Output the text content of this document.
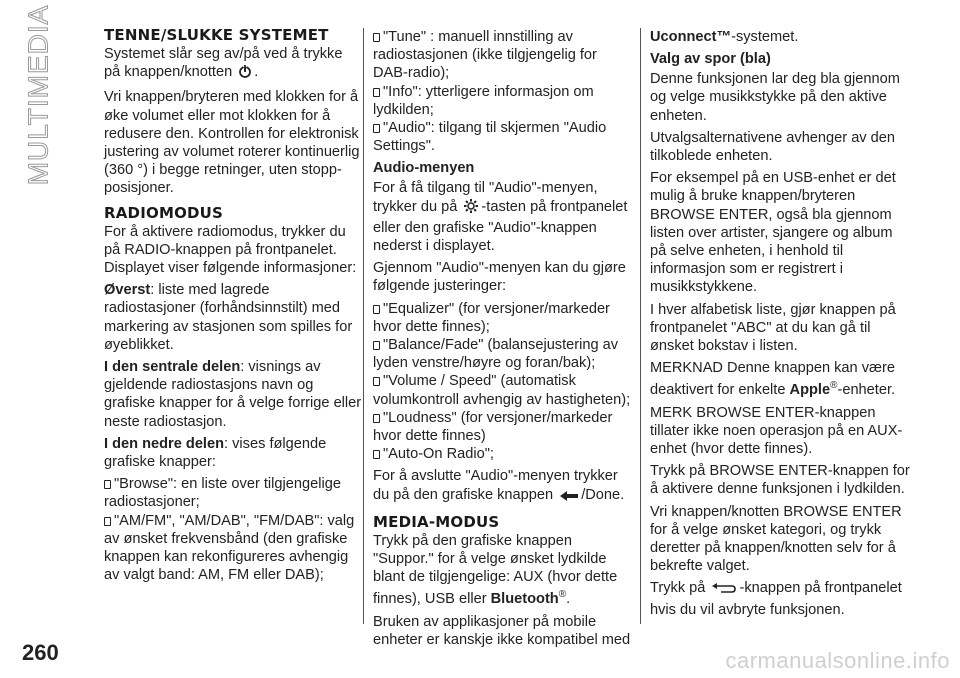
MULTIMEDIA	TENNE/SLUKKE SYSTEMET

Systemet slår seg av/på ved å trykke på knappen/knotten .

Vri knappen/bryteren med klokken for å øke volumet eller mot klokken for å redusere den. Kontrollen for elektronisk justering av volumet roterer kontinuerlig (360 °) i begge retninger, uten stopp-posisjoner.

RADIOMODUS

For å aktivere radiomodus, trykker du på RADIO-knappen på frontpanelet. Displayet viser følgende informasjoner:

Øverst: liste med lagrede radiostasjoner (forhåndsinnstilt) med markering av stasjonen som spilles for øyeblikket.

I den sentrale delen: visnings av gjeldende radiostasjons navn og grafiske knapper for å velge forrige eller neste radiostasjon.

I den nedre delen: vises følgende grafiske knapper:

"Browse": en liste over tilgjengelige radiostasjoner;

"AM/FM", "AM/DAB", "FM/DAB": valg av ønsket frekvensbånd (den grafiske knappen kan rekonfigureres avhengig av valgt band: AM, FM eller DAB);

"Tune" : manuell innstilling av radiostasjonen (ikke tilgjengelig for DAB-radio);

"Info": ytterligere informasjon om lydkilden;

"Audio": tilgang til skjermen "Audio Settings".

Audio-menyen

For å få tilgang til "Audio"-menyen, trykker du på -tasten på frontpanelet eller den grafiske "Audio"-knappen nederst i displayet.

Gjennom "Audio"-menyen kan du gjøre følgende justeringer:

"Equalizer" (for versjoner/markeder hvor dette finnes);

"Balance/Fade" (balansejustering av lyden venstre/høyre og foran/bak);

"Volume / Speed" (automatisk volumkontroll avhengig av hastigheten);

"Loudness" (for versjoner/markeder hvor dette finnes)

"Auto-On Radio";

For å avslutte "Audio"-menyen trykker du på den grafiske knappen /Done.

MEDIA-MODUS

Trykk på den grafiske knappen "Suppor." for å velge ønsket lydkilde blant de tilgjengelige: AUX (hvor dette finnes), USB eller Bluetooth®.

Bruken av applikasjoner på mobile enheter er kanskje ikke kompatibel med

Uconnect™-systemet.

Valg av spor (bla)

Denne funksjonen lar deg bla gjennom og velge musikkstykke på den aktive enheten.

Utvalgsalternativene avhenger av den tilkoblede enheten.

For eksempel på en USB-enhet er det mulig å bruke knappen/bryteren BROWSE ENTER, også bla gjennom listen over artister, sjangere og album på selve enheten, i henhold til informasjon som er registrert i musikkstykkene.

I hver alfabetisk liste, gjør knappen på frontpanelet "ABC" at du kan gå til ønsket bokstav i listen.

MERKNAD Denne knappen kan være deaktivert for enkelte Apple®-enheter.

MERK BROWSE ENTER-knappen tillater ikke noen operasjon på en AUX-enhet (hvor dette finnes).

Trykk på BROWSE ENTER-knappen for å aktivere denne funksjonen i lydkilden.

Vri knappen/knotten BROWSE ENTER for å velge ønsket kategori, og trykk deretter på knappen/knotten selv for å bekrefte valget.

Trykk på -knappen på frontpanelet hvis du vil avbryte funksjonen.

260	carmanualsonline.info
